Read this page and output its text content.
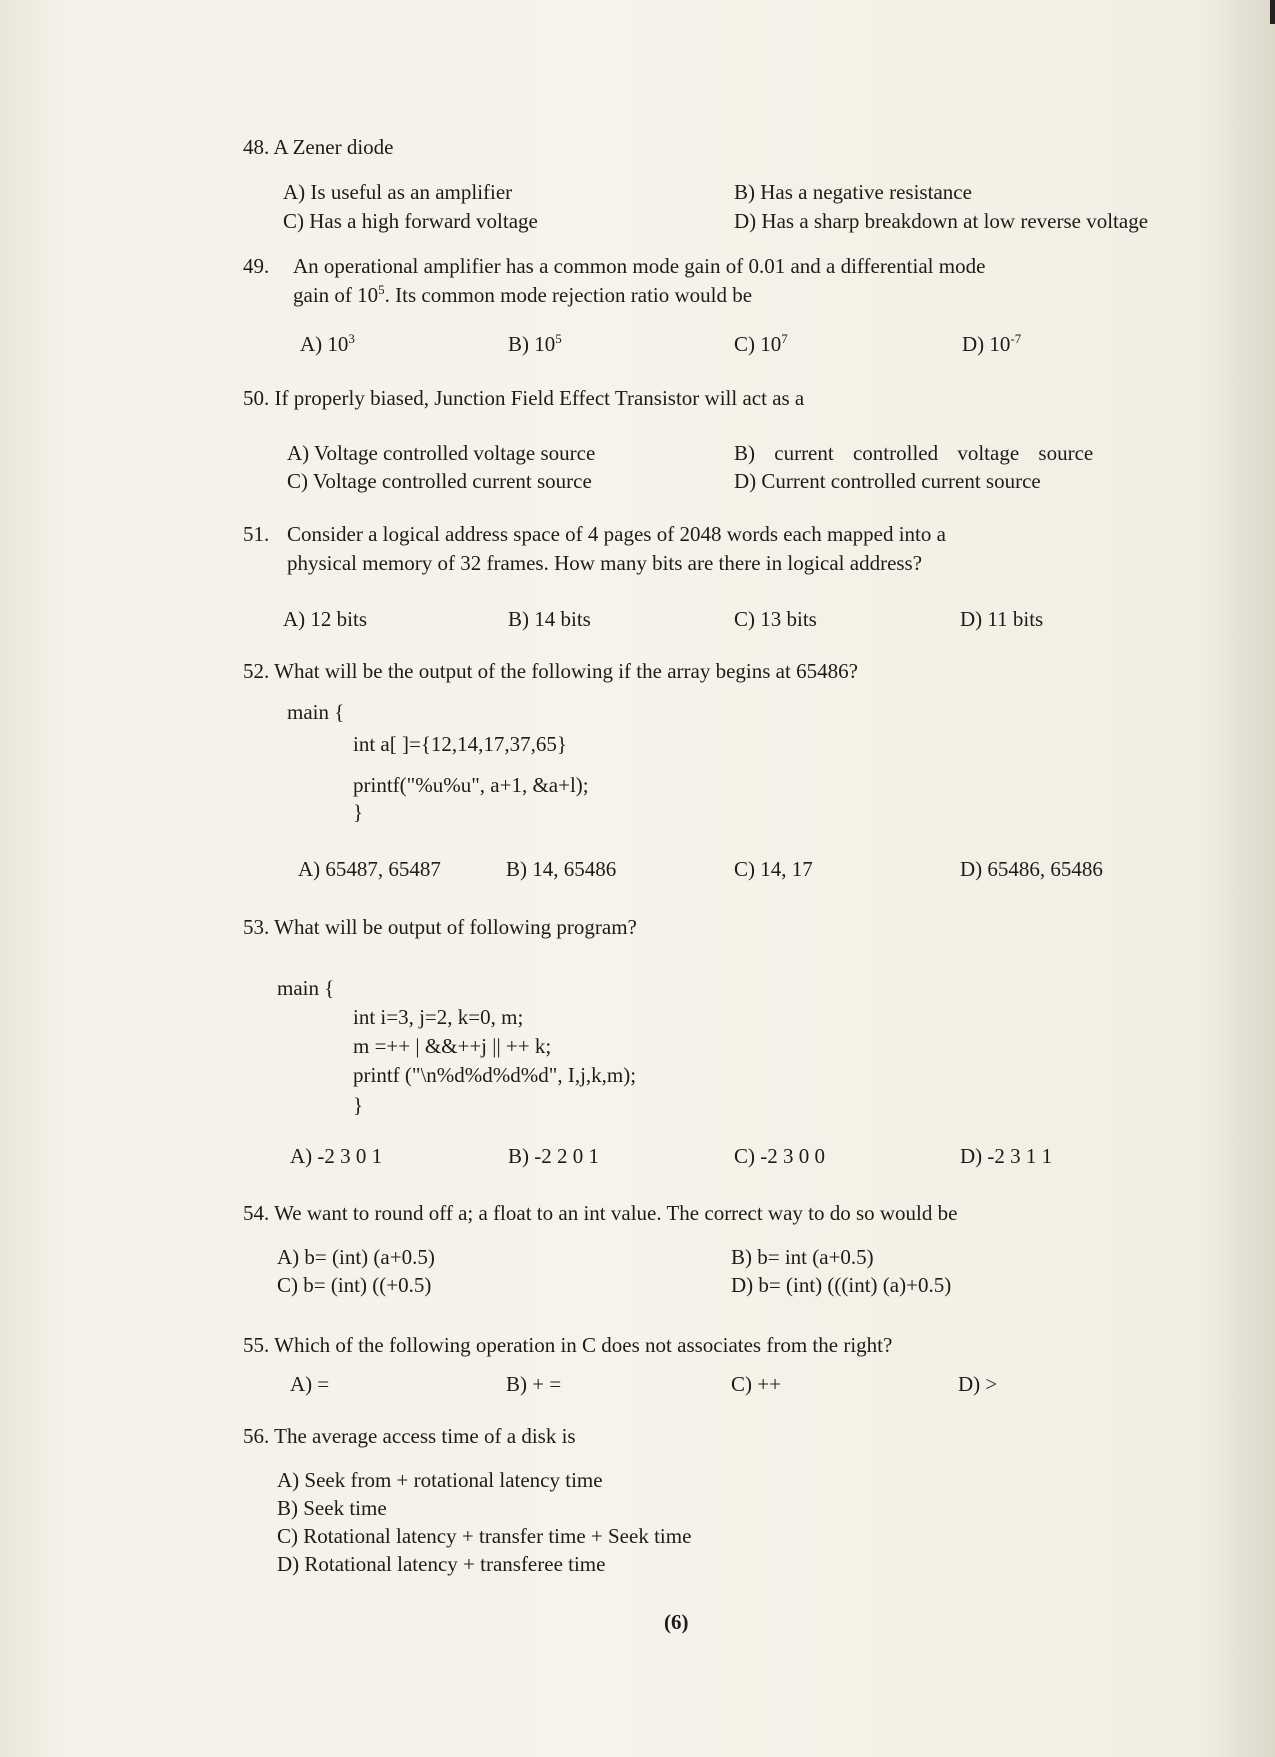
48. A Zener diode
A) Is useful as an amplifier	B) Has a negative resistance
C) Has a high forward voltage	D) Has a sharp breakdown at low reverse voltage
49. An operational amplifier has a common mode gain of 0.01 and a differential mode
gain of $10^5$. Its common mode rejection ratio would be
A) $10^3$	B) $10^5$	C) $10^7$	D) $10^{-7}$
50. If properly biased, Junction Field Effect Transistor will act as a
A) Voltage controlled voltage source	B) current controlled voltage source
C) Voltage controlled current source	D) Current controlled current source
51. Consider a logical address space of 4 pages of 2048 words each mapped into a
physical memory of 32 frames. How many bits are there in logical address?
A) 12 bits	B) 14 bits	C) 13 bits	D) 11 bits
52. What will be the output of the following if the array begins at 65486?
main {
int a[ ]={12,14,17,37,65}
printf("%u%u", a+1, &a+l);
}
A) 65487, 65487	B) 14, 65486	C) 14, 17	D) 65486, 65486
53. What will be output of following program?
main {
int i=3, j=2, k=0, m;
m =++ | &&++j || ++ k;
printf ("\n%d%d%d%d", I,j,k,m);
}
A) -2 3 0 1	B) -2 2 0 1	C) -2 3 0 0	D) -2 3 1 1
54. We want to round off a; a float to an int value. The correct way to do so would be
A) b= (int) (a+0.5)	B) b= int (a+0.5)
C) b= (int) ((+0.5)	D) b= (int) (((int) (a)+0.5)
55. Which of the following operation in C does not associates from the right?
A) =	B) + =	C) ++	D) >
56. The average access time of a disk is
A) Seek from + rotational latency time
B) Seek time
C) Rotational latency + transfer time + Seek time
D) Rotational latency + transferee time
(6)
